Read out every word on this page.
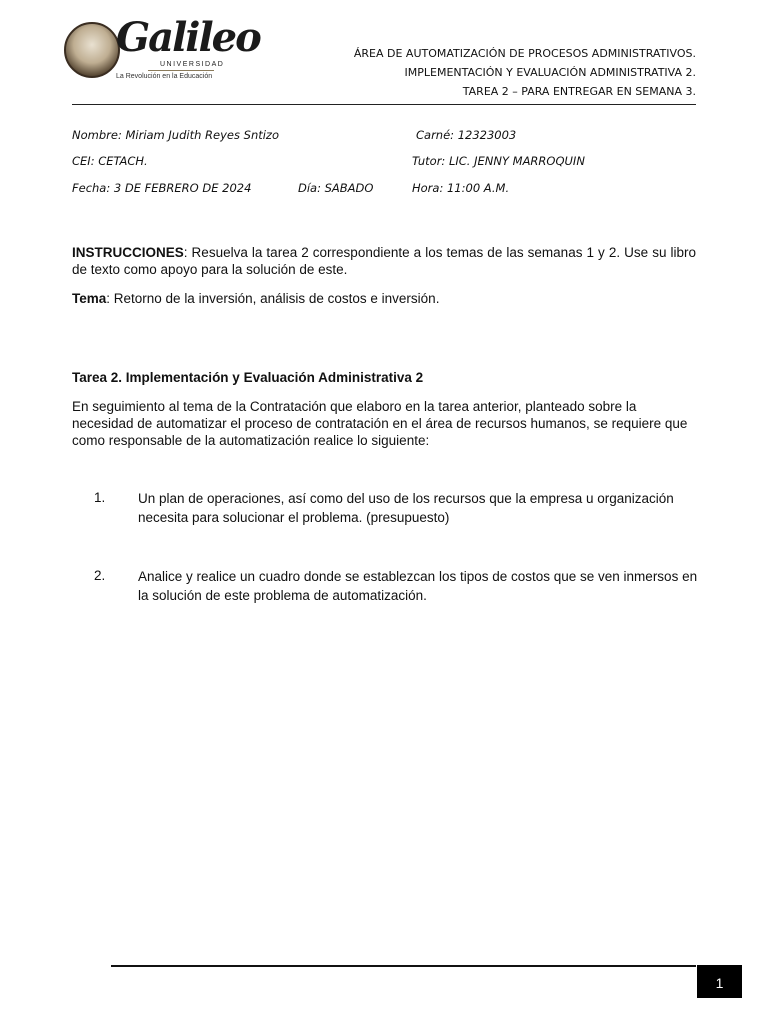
Galileo
UNIVERSIDAD
La Revolución en la Educación
ÁREA DE AUTOMATIZACIÓN DE PROCESOS ADMINISTRATIVOS.
IMPLEMENTACIÓN Y EVALUACIÓN ADMINISTRATIVA 2.
TAREA 2 – PARA ENTREGAR EN SEMANA 3.
Nombre: Miriam Judith Reyes Sntizo	Carné: 12323003
CEI: CETACH.	Tutor: LIC. JENNY MARROQUIN
Fecha: 3 DE FEBRERO DE 2024	Día: SABADO	Hora: 11:00 A.M.
INSTRUCCIONES: Resuelva la tarea 2 correspondiente a los temas de las semanas 1 y 2. Use su libro de texto como apoyo para la solución de este.
Tema: Retorno de la inversión, análisis de costos e inversión.
Tarea 2. Implementación y Evaluación Administrativa 2
En seguimiento al tema de la Contratación que elaboro en la tarea anterior, planteado sobre la necesidad de automatizar el proceso de contratación en el área de recursos humanos, se requiere que como responsable de la automatización realice lo siguiente:
1. Un plan de operaciones, así como del uso de los recursos que la empresa u organización necesita para solucionar el problema. (presupuesto)
2. Analice y realice un cuadro donde se establezcan los tipos de costos que se ven inmersos en la solución de este problema de automatización.
1
